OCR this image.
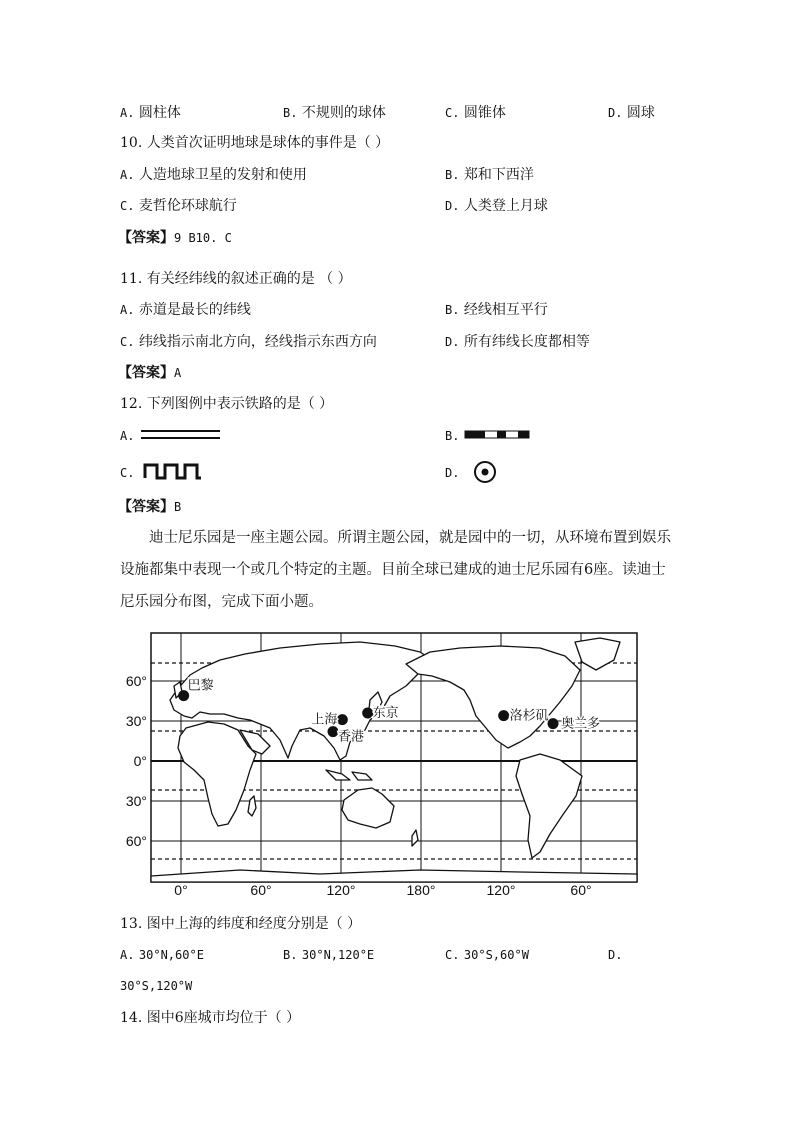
A. 圆柱体	B. 不规则的球体	C. 圆锥体	D. 圆球
10. 人类首次证明地球是球体的事件是（ ）
A. 人造地球卫星的发射和使用	B. 郑和下西洋
C. 麦哲伦环球航行	D. 人类登上月球
【答案】9 B10. C
11. 有关经纬线的叙述正确的是 （ ）
A. 赤道是最长的纬线	B. 经线相互平行
C. 纬线指示南北方向，经线指示东西方向	D. 所有纬线长度都相等
【答案】A
12. 下列图例中表示铁路的是（ ）
A.	B.
C.	D.
【答案】B
迪士尼乐园是一座主题公园。所谓主题公园，就是园中的一切，从环境布置到娱乐设施都集中表现一个或几个特定的主题。目前全球已建成的迪士尼乐园有6座。读迪士尼乐园分布图，完成下面小题。
巴黎
上海	东京
香港
洛杉矶
奥兰多
60°
30°
0°
30°
60°
0°	60°	120°	180°	120°	60°
13. 图中上海的纬度和经度分别是（ ）
A. 30°N,60°E	B. 30°N,120°E	C. 30°S,60°W	D.
30°S,120°W
14. 图中6座城市均位于（ ）
